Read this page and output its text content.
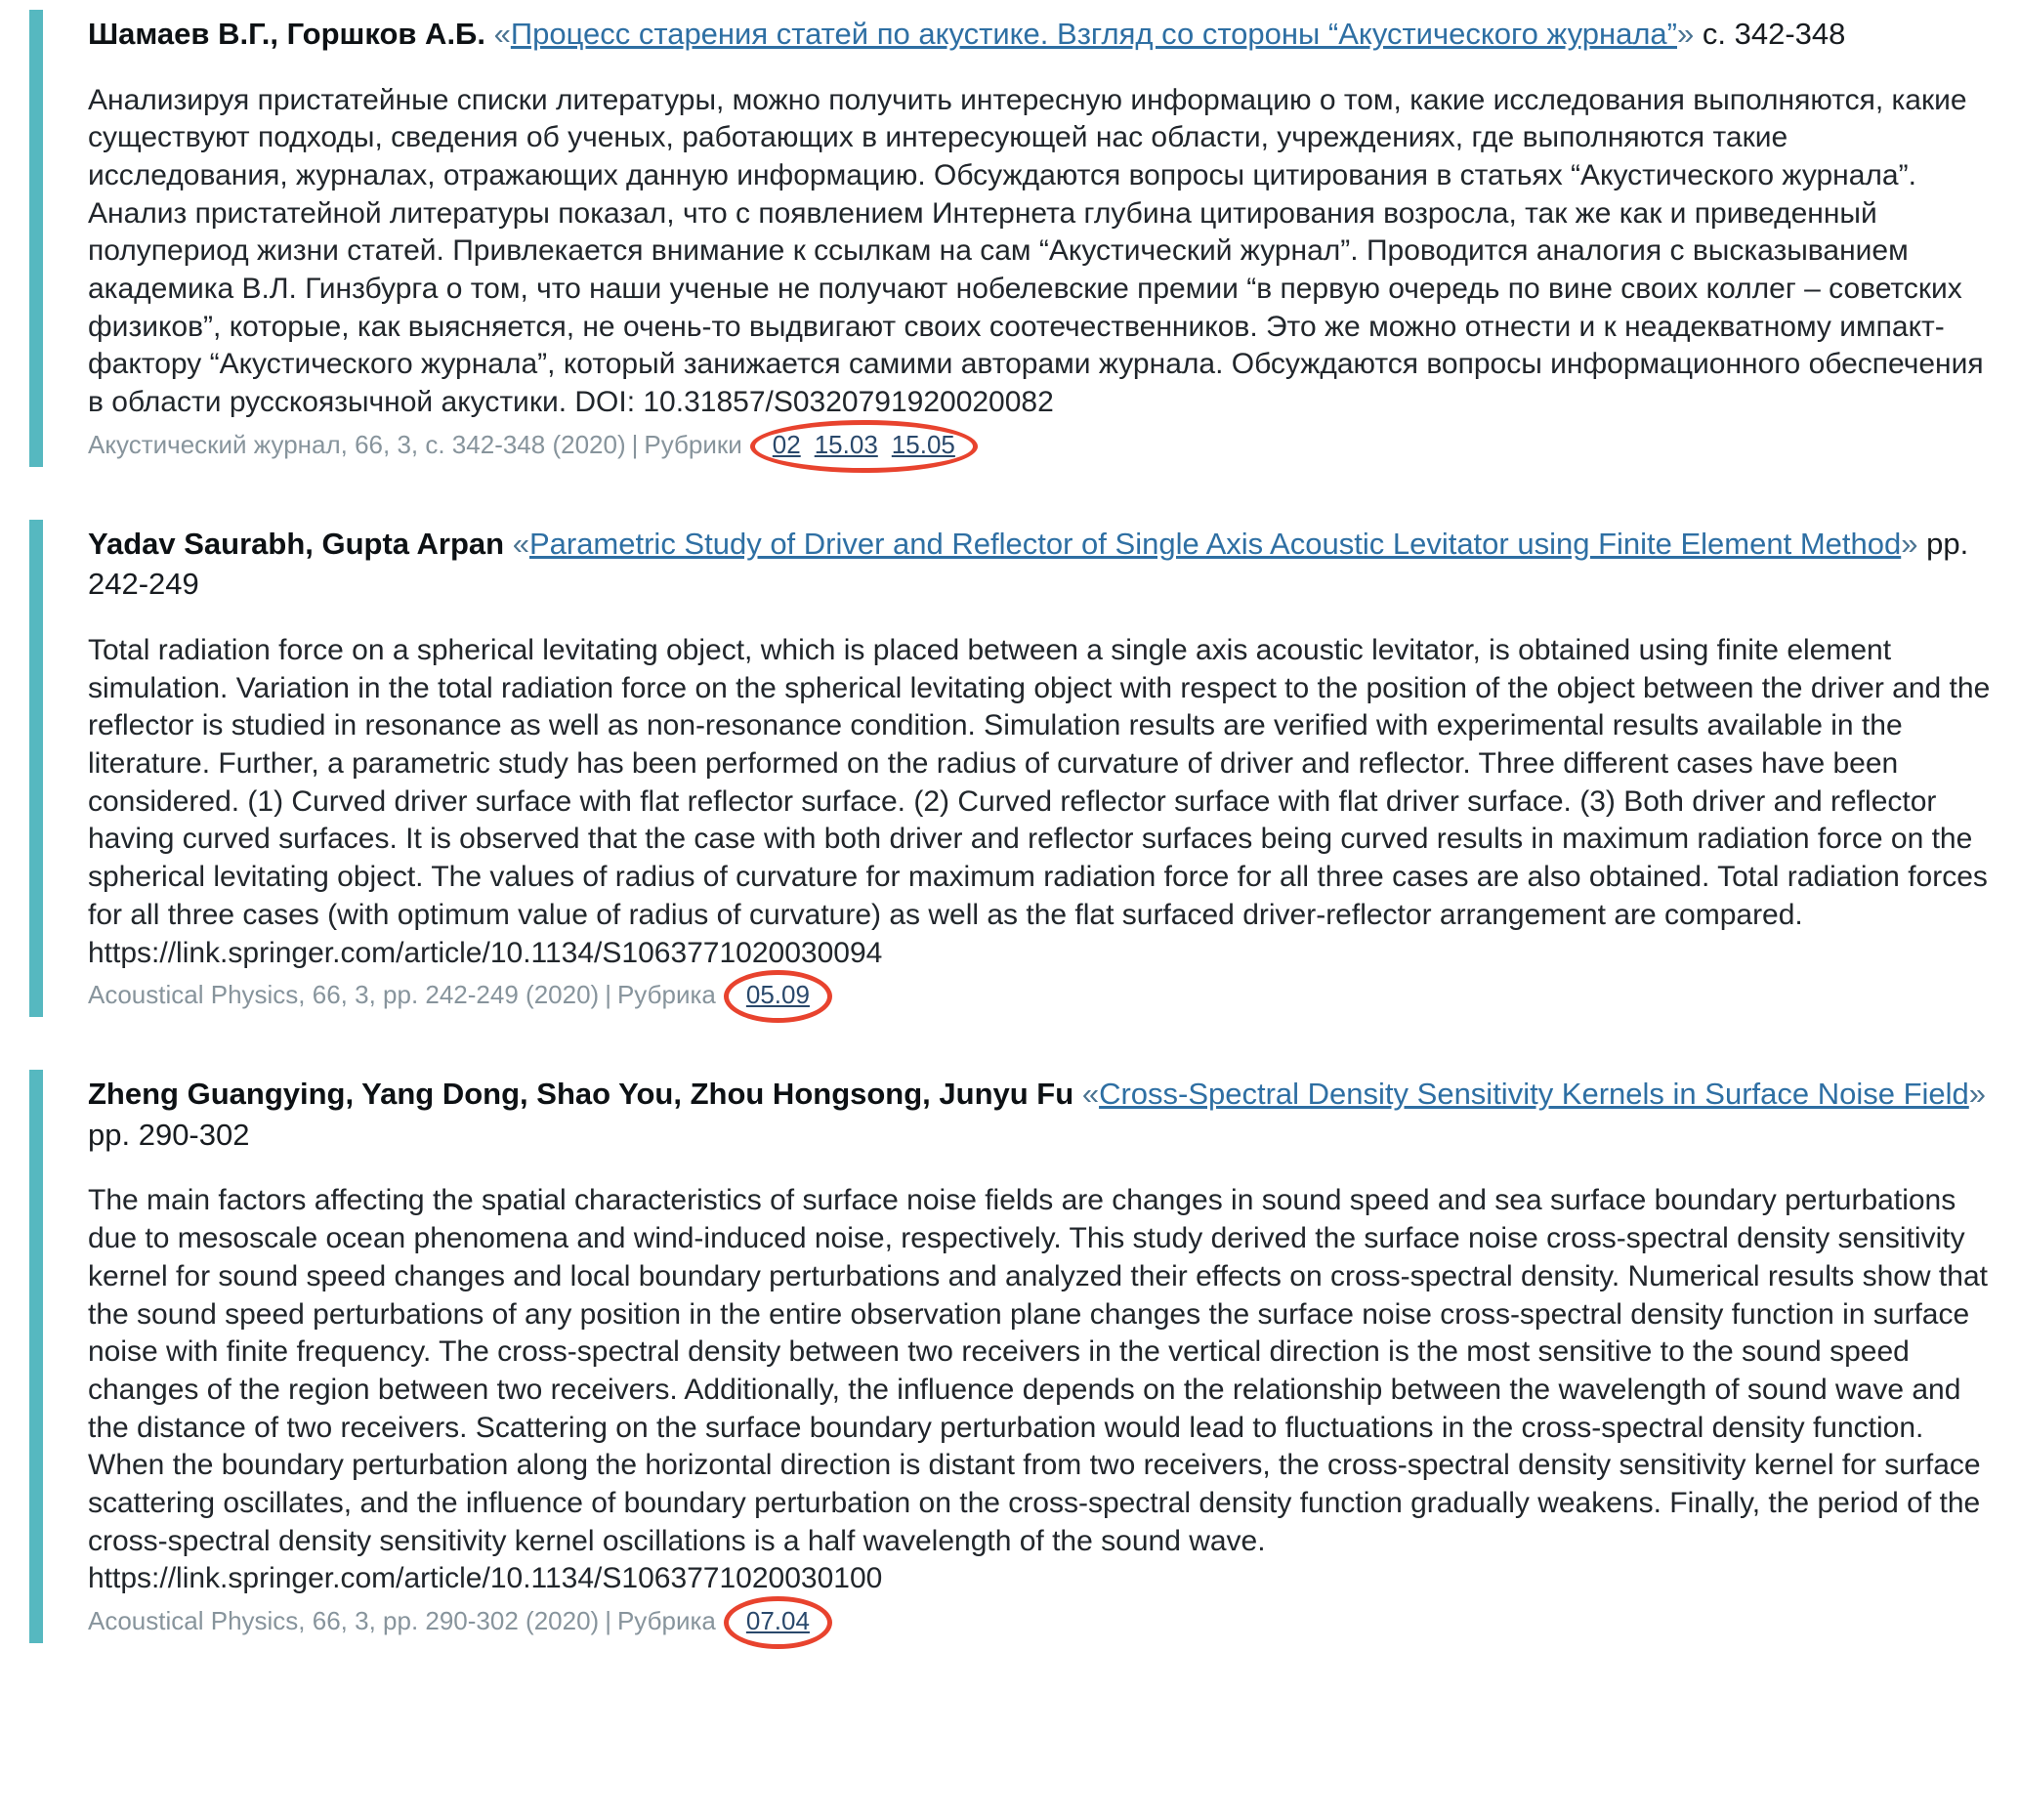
Шамаев В.Г., Горшков А.Б. «Процесс старения статей по акустике. Взгляд со стороны “Акустического журнала”» с. 342-348
Анализируя пристатейные списки литературы, можно получить интересную информацию о том, какие исследования выполняются, какие существуют подходы, сведения об ученых, работающих в интересующей нас области, учреждениях, где выполняются такие исследования, журналах, отражающих данную информацию. Обсуждаются вопросы цитирования в статьях “Акустического журнала”. Анализ пристатейной литературы показал, что с появлением Интернета глубина цитирования возросла, так же как и приведенный полупериод жизни статей. Привлекается внимание к ссылкам на сам “Акустический журнал”. Проводится аналогия с высказыванием академика В.Л. Гинзбурга о том, что наши ученые не получают нобелевские премии “в первую очередь по вине своих коллег – советских физиков”, которые, как выясняется, не очень-то выдвигают своих соотечественников. Это же можно отнести и к неадекватному импакт-фактору “Акустического журнала”, который занижается самими авторами журнала. Обсуждаются вопросы информационного обеспечения в области русскоязычной акустики. DOI: 10.31857/S0320791920020082
Акустический журнал, 66, 3, с. 342-348 (2020) | Рубрики 02 15.03 15.05
Yadav Saurabh, Gupta Arpan «Parametric Study of Driver and Reflector of Single Axis Acoustic Levitator using Finite Element Method» pp. 242-249
Total radiation force on a spherical levitating object, which is placed between a single axis acoustic levitator, is obtained using finite element simulation. Variation in the total radiation force on the spherical levitating object with respect to the position of the object between the driver and the reflector is studied in resonance as well as non-resonance condition. Simulation results are verified with experimental results available in the literature. Further, a parametric study has been performed on the radius of curvature of driver and reflector. Three different cases have been considered. (1) Curved driver surface with flat reflector surface. (2) Curved reflector surface with flat driver surface. (3) Both driver and reflector having curved surfaces. It is observed that the case with both driver and reflector surfaces being curved results in maximum radiation force on the spherical levitating object. The values of radius of curvature for maximum radiation force for all three cases are also obtained. Total radiation forces for all three cases (with optimum value of radius of curvature) as well as the flat surfaced driver-reflector arrangement are compared. https://link.springer.com/article/10.1134/S1063771020030094
Acoustical Physics, 66, 3, pp. 242-249 (2020) | Рубрика 05.09
Zheng Guangying, Yang Dong, Shao You, Zhou Hongsong, Junyu Fu «Cross-Spectral Density Sensitivity Kernels in Surface Noise Field» pp. 290-302
The main factors affecting the spatial characteristics of surface noise fields are changes in sound speed and sea surface boundary perturbations due to mesoscale ocean phenomena and wind-induced noise, respectively. This study derived the surface noise cross-spectral density sensitivity kernel for sound speed changes and local boundary perturbations and analyzed their effects on cross-spectral density. Numerical results show that the sound speed perturbations of any position in the entire observation plane changes the surface noise cross-spectral density function in surface noise with finite frequency. The cross-spectral density between two receivers in the vertical direction is the most sensitive to the sound speed changes of the region between two receivers. Additionally, the influence depends on the relationship between the wavelength of sound wave and the distance of two receivers. Scattering on the surface boundary perturbation would lead to fluctuations in the cross-spectral density function. When the boundary perturbation along the horizontal direction is distant from two receivers, the cross-spectral density sensitivity kernel for surface scattering oscillates, and the influence of boundary perturbation on the cross-spectral density function gradually weakens. Finally, the period of the cross-spectral density sensitivity kernel oscillations is a half wavelength of the sound wave.
https://link.springer.com/article/10.1134/S1063771020030100
Acoustical Physics, 66, 3, pp. 290-302 (2020) | Рубрика 07.04
